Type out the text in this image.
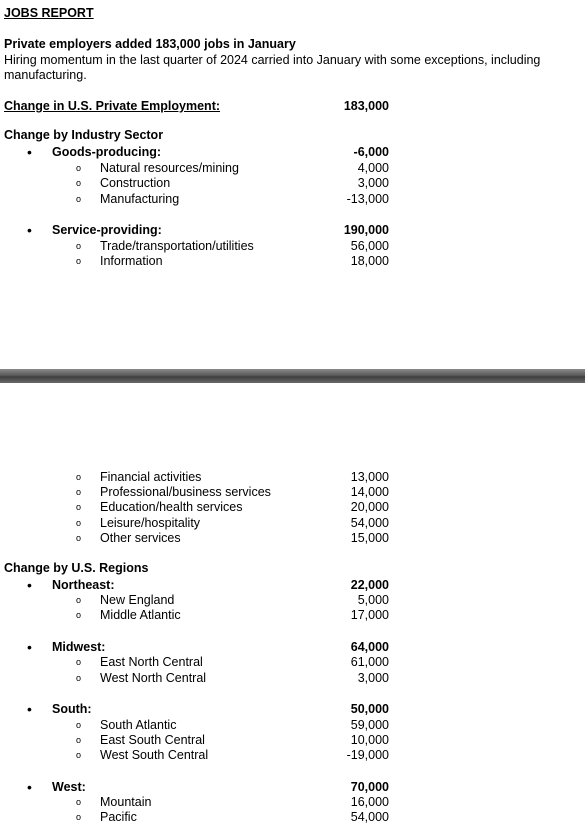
JOBS REPORT
Private employers added 183,000 jobs in January
Hiring momentum in the last quarter of 2024 carried into January with some exceptions, including
manufacturing.
Change in U.S. Private Employment:	183,000
Change by Industry Sector
• Goods-producing:	-6,000
o Natural resources/mining	4,000
o Construction	3,000
o Manufacturing	-13,000
• Service-providing:	190,000
o Trade/transportation/utilities	56,000
o Information	18,000
o Financial activities	13,000
o Professional/business services	14,000
o Education/health services	20,000
o Leisure/hospitality	54,000
o Other services	15,000
Change by U.S. Regions
• Northeast:	22,000
o New England	5,000
o Middle Atlantic	17,000
• Midwest:	64,000
o East North Central	61,000
o West North Central	3,000
• South:	50,000
o South Atlantic	59,000
o East South Central	10,000
o West South Central	-19,000
• West:	70,000
o Mountain	16,000
o Pacific	54,000
